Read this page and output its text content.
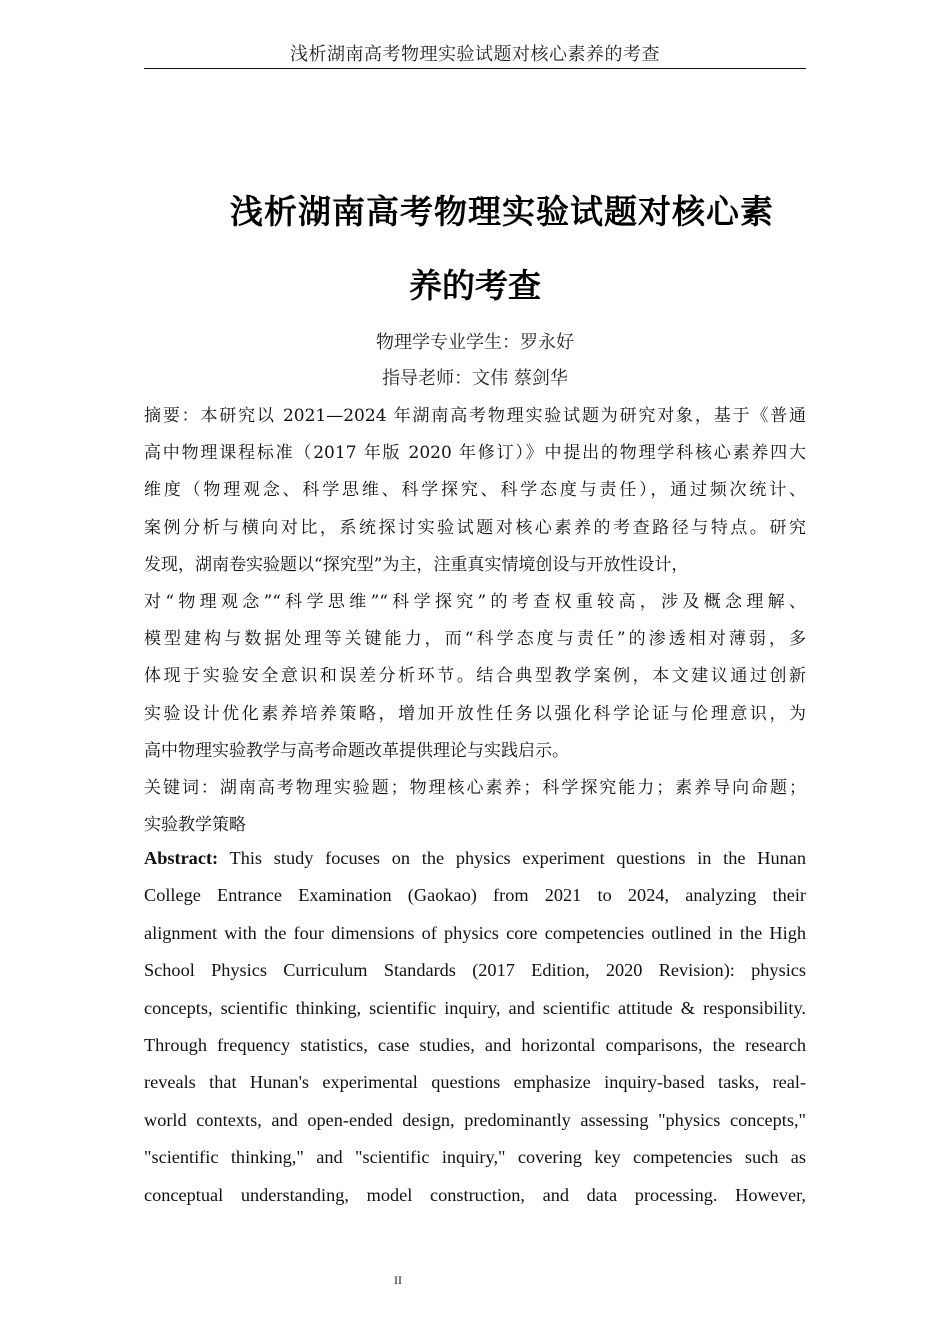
浅析湖南高考物理实验试题对核心素养的考查
浅析湖南高考物理实验试题对核心素
养的考查
物理学专业学生：罗永好
指导老师：文伟 蔡剑华
摘要：本研究以 2021—2024 年湖南高考物理实验试题为研究对象，基于《普通
高中物理课程标准（2017 年版 2020 年修订）》中提出的物理学科核心素养四大
维度（物理观念、科学思维、科学探究、科学态度与责任），通过频次统计、
案例分析与横向对比，系统探讨实验试题对核心素养的考查路径与特点。研究
发现，湖南卷实验题以“探究型”为主，注重真实情境创设与开放性设计，
对“物理观念”“科学思维”“科学探究”的考查权重较高，涉及概念理解、
模型建构与数据处理等关键能力，而“科学态度与责任”的渗透相对薄弱，多
体现于实验安全意识和误差分析环节。结合典型教学案例，本文建议通过创新
实验设计优化素养培养策略，增加开放性任务以强化科学论证与伦理意识，为
高中物理实验教学与高考命题改革提供理论与实践启示。
关键词：湖南高考物理实验题；物理核心素养；科学探究能力；素养导向命题；
实验教学策略
Abstract: This study focuses on the physics experiment questions in the Hunan
College Entrance Examination (Gaokao) from 2021 to 2024, analyzing their
alignment with the four dimensions of physics core competencies outlined in the High
School Physics Curriculum Standards (2017 Edition, 2020 Revision): physics
concepts, scientific thinking, scientific inquiry, and scientific attitude & responsibility.
Through frequency statistics, case studies, and horizontal comparisons, the research
reveals that Hunan's experimental questions emphasize inquiry-based tasks, real-
world contexts, and open-ended design, predominantly assessing "physics concepts,"
"scientific thinking," and "scientific inquiry," covering key competencies such as
conceptual understanding, model construction, and data processing. However,
II
